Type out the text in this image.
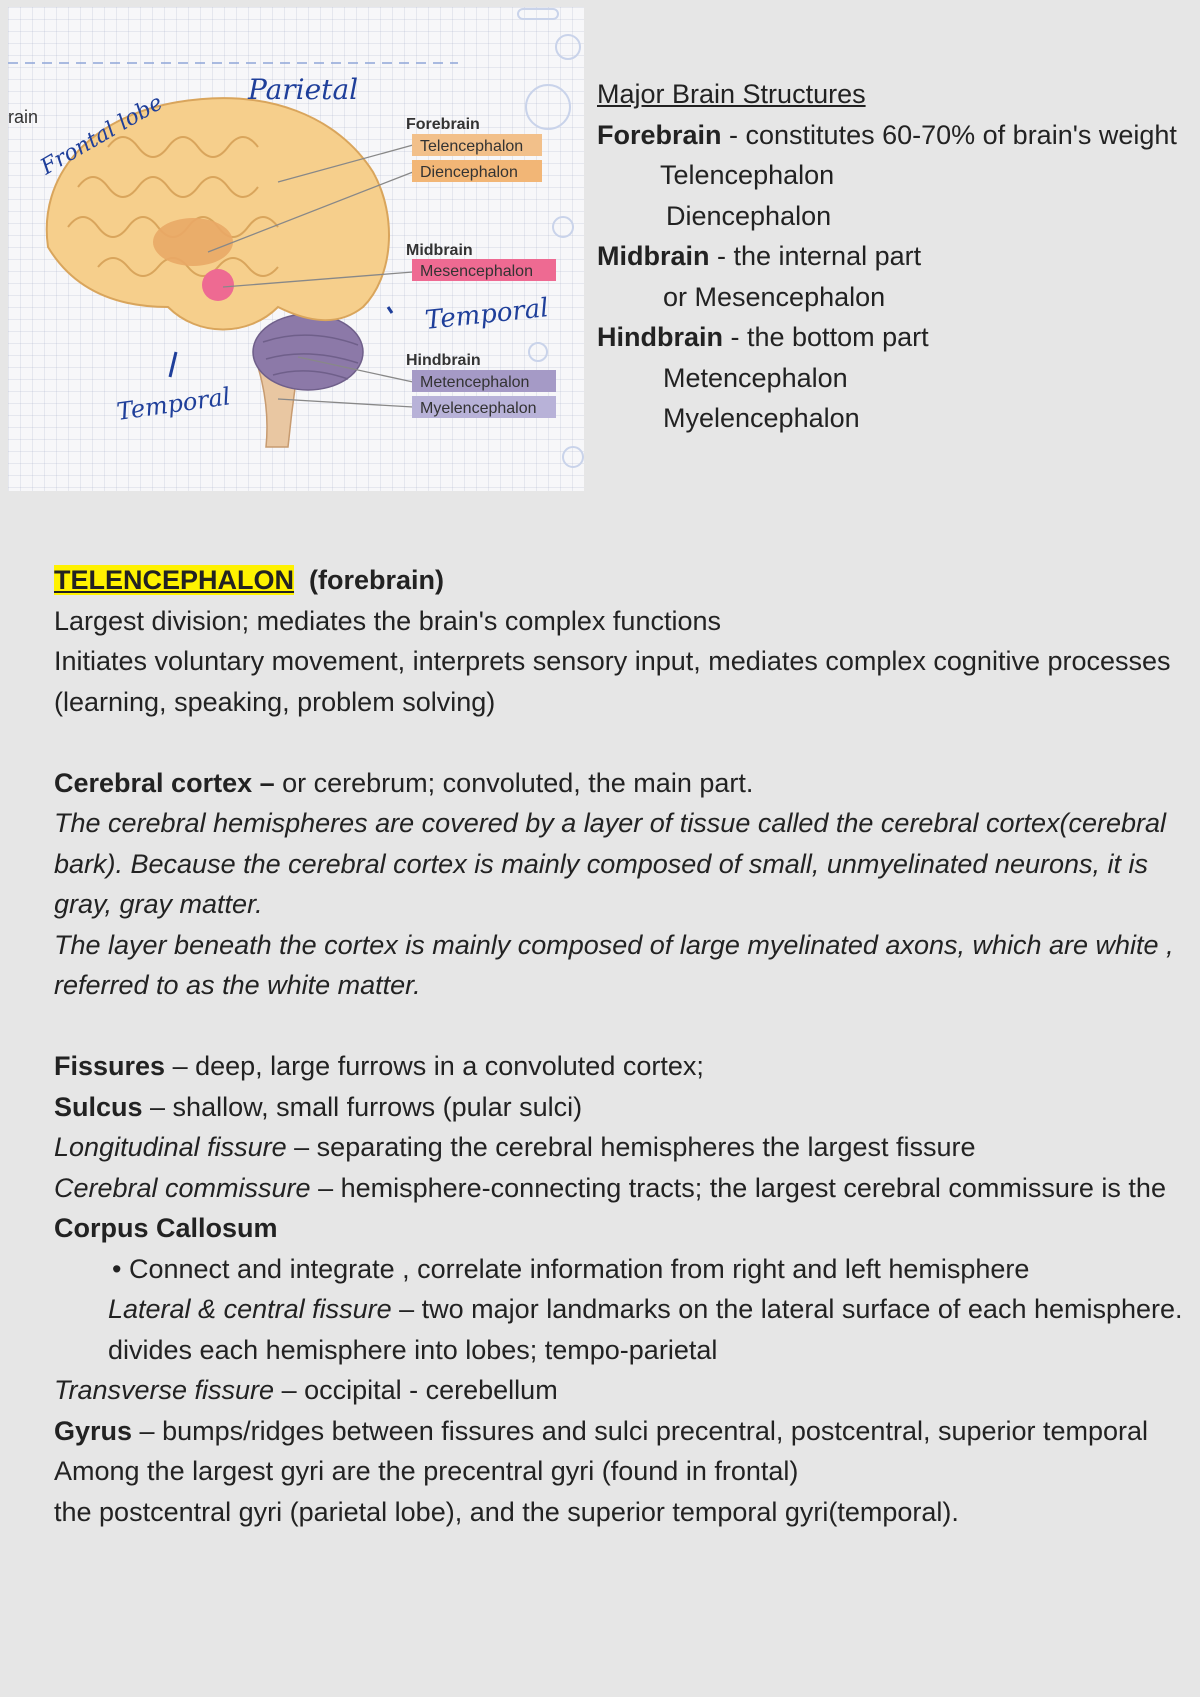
Forebrain
Telencephalon
Diencephalon
Midbrain
Mesencephalon
Hindbrain
Metencephalon
Myelencephalon
rain
Frontal lobe
Parietal
Temporal
Temporal
Major Brain Structures
Forebrain - constitutes 60-70% of brain's weight
Telencephalon
Diencephalon
Midbrain - the internal part
or Mesencephalon
Hindbrain - the bottom part
Metencephalon
Myelencephalon

TELENCEPHALON (forebrain)

Largest division; mediates the brain's complex functions

Initiates voluntary movement, interprets sensory input, mediates complex cognitive processes (learning, speaking, problem solving)

Cerebral cortex – or cerebrum; convoluted, the main part.

The cerebral hemispheres are covered by a layer of tissue called the cerebral cortex(cerebral bark). Because the cerebral cortex is mainly composed of small, unmyelinated neurons, it is gray, gray matter.

The layer beneath the cortex is mainly composed of large myelinated axons, which are white , referred to as the white matter.

Fissures – deep, large furrows in a convoluted cortex;

Sulcus – shallow, small furrows (pular sulci)

Longitudinal fissure – separating the cerebral hemispheres the largest fissure

Cerebral commissure – hemisphere-connecting tracts; the largest cerebral commissure is the Corpus Callosum

• Connect and integrate , correlate information from right and left hemisphere

Lateral & central fissure – two major landmarks on the lateral surface of each hemisphere. divides each hemisphere into lobes; tempo-parietal

Transverse fissure – occipital - cerebellum

Gyrus – bumps/ridges between fissures and sulci precentral, postcentral, superior temporal

Among the largest gyri are the precentral gyri (found in frontal)

the postcentral gyri (parietal lobe), and the superior temporal gyri(temporal).
